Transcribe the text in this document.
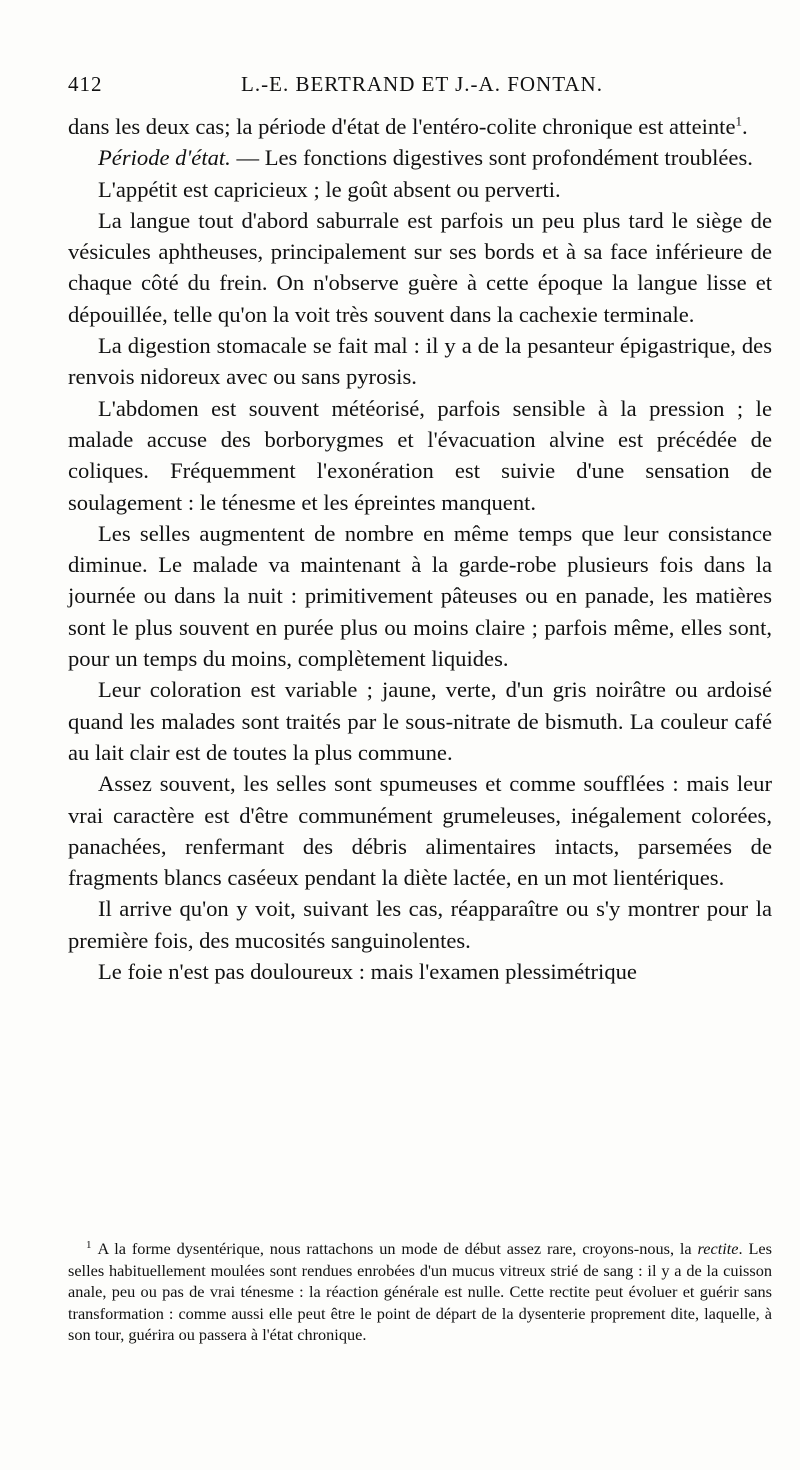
412	L.-E. BERTRAND ET J.-A. FONTAN.

dans les deux cas; la période d'état de l'entéro-colite chronique est atteinte$^1$.

Période d'état. — Les fonctions digestives sont profondément troublées.

L'appétit est capricieux ; le goût absent ou perverti.

La langue tout d'abord saburrale est parfois un peu plus tard le siège de vésicules aphtheuses, principalement sur ses bords et à sa face inférieure de chaque côté du frein. On n'observe guère à cette époque la langue lisse et dépouillée, telle qu'on la voit très souvent dans la cachexie terminale.

La digestion stomacale se fait mal : il y a de la pesanteur épigastrique, des renvois nidoreux avec ou sans pyrosis.

L'abdomen est souvent météorisé, parfois sensible à la pression ; le malade accuse des borborygmes et l'évacuation alvine est précédée de coliques. Fréquemment l'exonération est suivie d'une sensation de soulagement : le ténesme et les épreintes manquent.

Les selles augmentent de nombre en même temps que leur consistance diminue. Le malade va maintenant à la garde-robe plusieurs fois dans la journée ou dans la nuit : primitivement pâteuses ou en panade, les matières sont le plus souvent en purée plus ou moins claire ; parfois même, elles sont, pour un temps du moins, complètement liquides.

Leur coloration est variable ; jaune, verte, d'un gris noirâtre ou ardoisé quand les malades sont traités par le sous-nitrate de bismuth. La couleur café au lait clair est de toutes la plus commune.

Assez souvent, les selles sont spumeuses et comme soufflées : mais leur vrai caractère est d'être communément grumeleuses, inégalement colorées, panachées, renfermant des débris alimentaires intacts, parsemées de fragments blancs caséeux pendant la diète lactée, en un mot lientériques.

Il arrive qu'on y voit, suivant les cas, réapparaître ou s'y montrer pour la première fois, des mucosités sanguinolentes.

Le foie n'est pas douloureux : mais l'examen plessimétrique

$^1$ A la forme dysentérique, nous rattachons un mode de début assez rare, croyons-nous, la rectite. Les selles habituellement moulées sont rendues enrobées d'un mucus vitreux strié de sang : il y a de la cuisson anale, peu ou pas de vrai ténesme : la réaction générale est nulle. Cette rectite peut évoluer et guérir sans transformation : comme aussi elle peut être le point de départ de la dysenterie proprement dite, laquelle, à son tour, guérira ou passera à l'état chronique.
